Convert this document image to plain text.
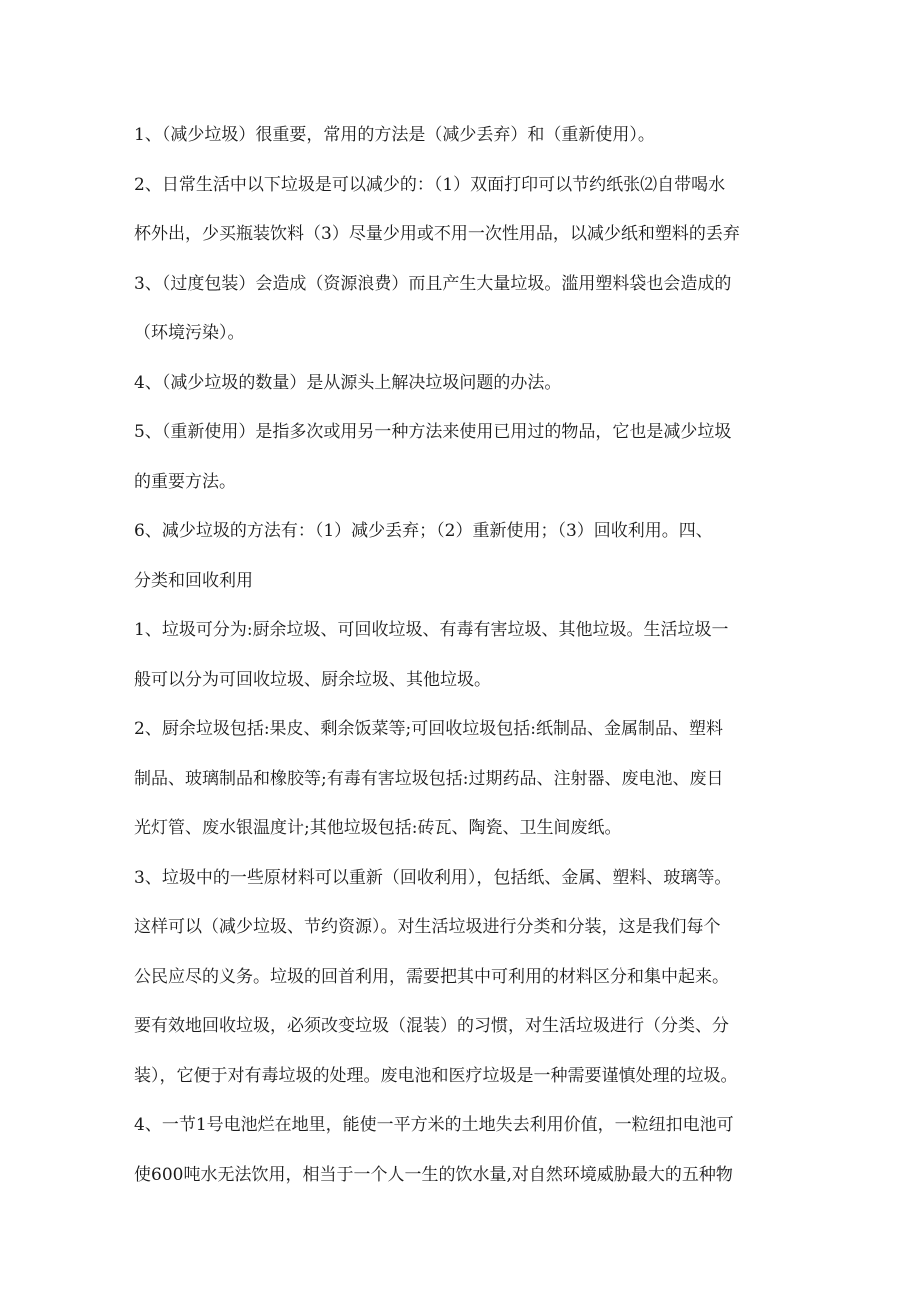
1、（减少垃圾）很重要，常用的方法是（减少丢弃）和（重新使用）。
2、日常生活中以下垃圾是可以减少的：（1）双面打印可以节约纸张⑵自带喝水
杯外出，少买瓶装饮料（3）尽量少用或不用一次性用品，以减少纸和塑料的丢弃
3、（过度包装）会造成（资源浪费）而且产生大量垃圾。滥用塑料袋也会造成的
（环境污染）。
4、（减少垃圾的数量）是从源头上解决垃圾问题的办法。
5、（重新使用）是指多次或用另一种方法来使用已用过的物品，它也是减少垃圾
的重要方法。
6、减少垃圾的方法有：（1）减少丢弃；（2）重新使用；（3）回收利用。四、
分类和回收利用
1、垃圾可分为:厨余垃圾、可回收垃圾、有毒有害垃圾、其他垃圾。生活垃圾一
般可以分为可回收垃圾、厨余垃圾、其他垃圾。
2、厨余垃圾包括:果皮、剩余饭菜等;可回收垃圾包括:纸制品、金属制品、塑料
制品、玻璃制品和橡胶等;有毒有害垃圾包括:过期药品、注射器、废电池、废日
光灯管、废水银温度计;其他垃圾包括:砖瓦、陶瓷、卫生间废纸。
3、垃圾中的一些原材料可以重新（回收利用），包括纸、金属、塑料、玻璃等。
这样可以（减少垃圾、节约资源）。对生活垃圾进行分类和分装，这是我们每个
公民应尽的义务。垃圾的回首利用，需要把其中可利用的材料区分和集中起来。
要有效地回收垃圾，必须改变垃圾（混装）的习惯，对生活垃圾进行（分类、分
装），它便于对有毒垃圾的处理。废电池和医疗垃圾是一种需要谨慎处理的垃圾。
4、一节1号电池烂在地里，能使一平方米的土地失去利用价值，一粒纽扣电池可
使600吨水无法饮用，相当于一个人一生的饮水量,对自然环境威胁最大的五种物
